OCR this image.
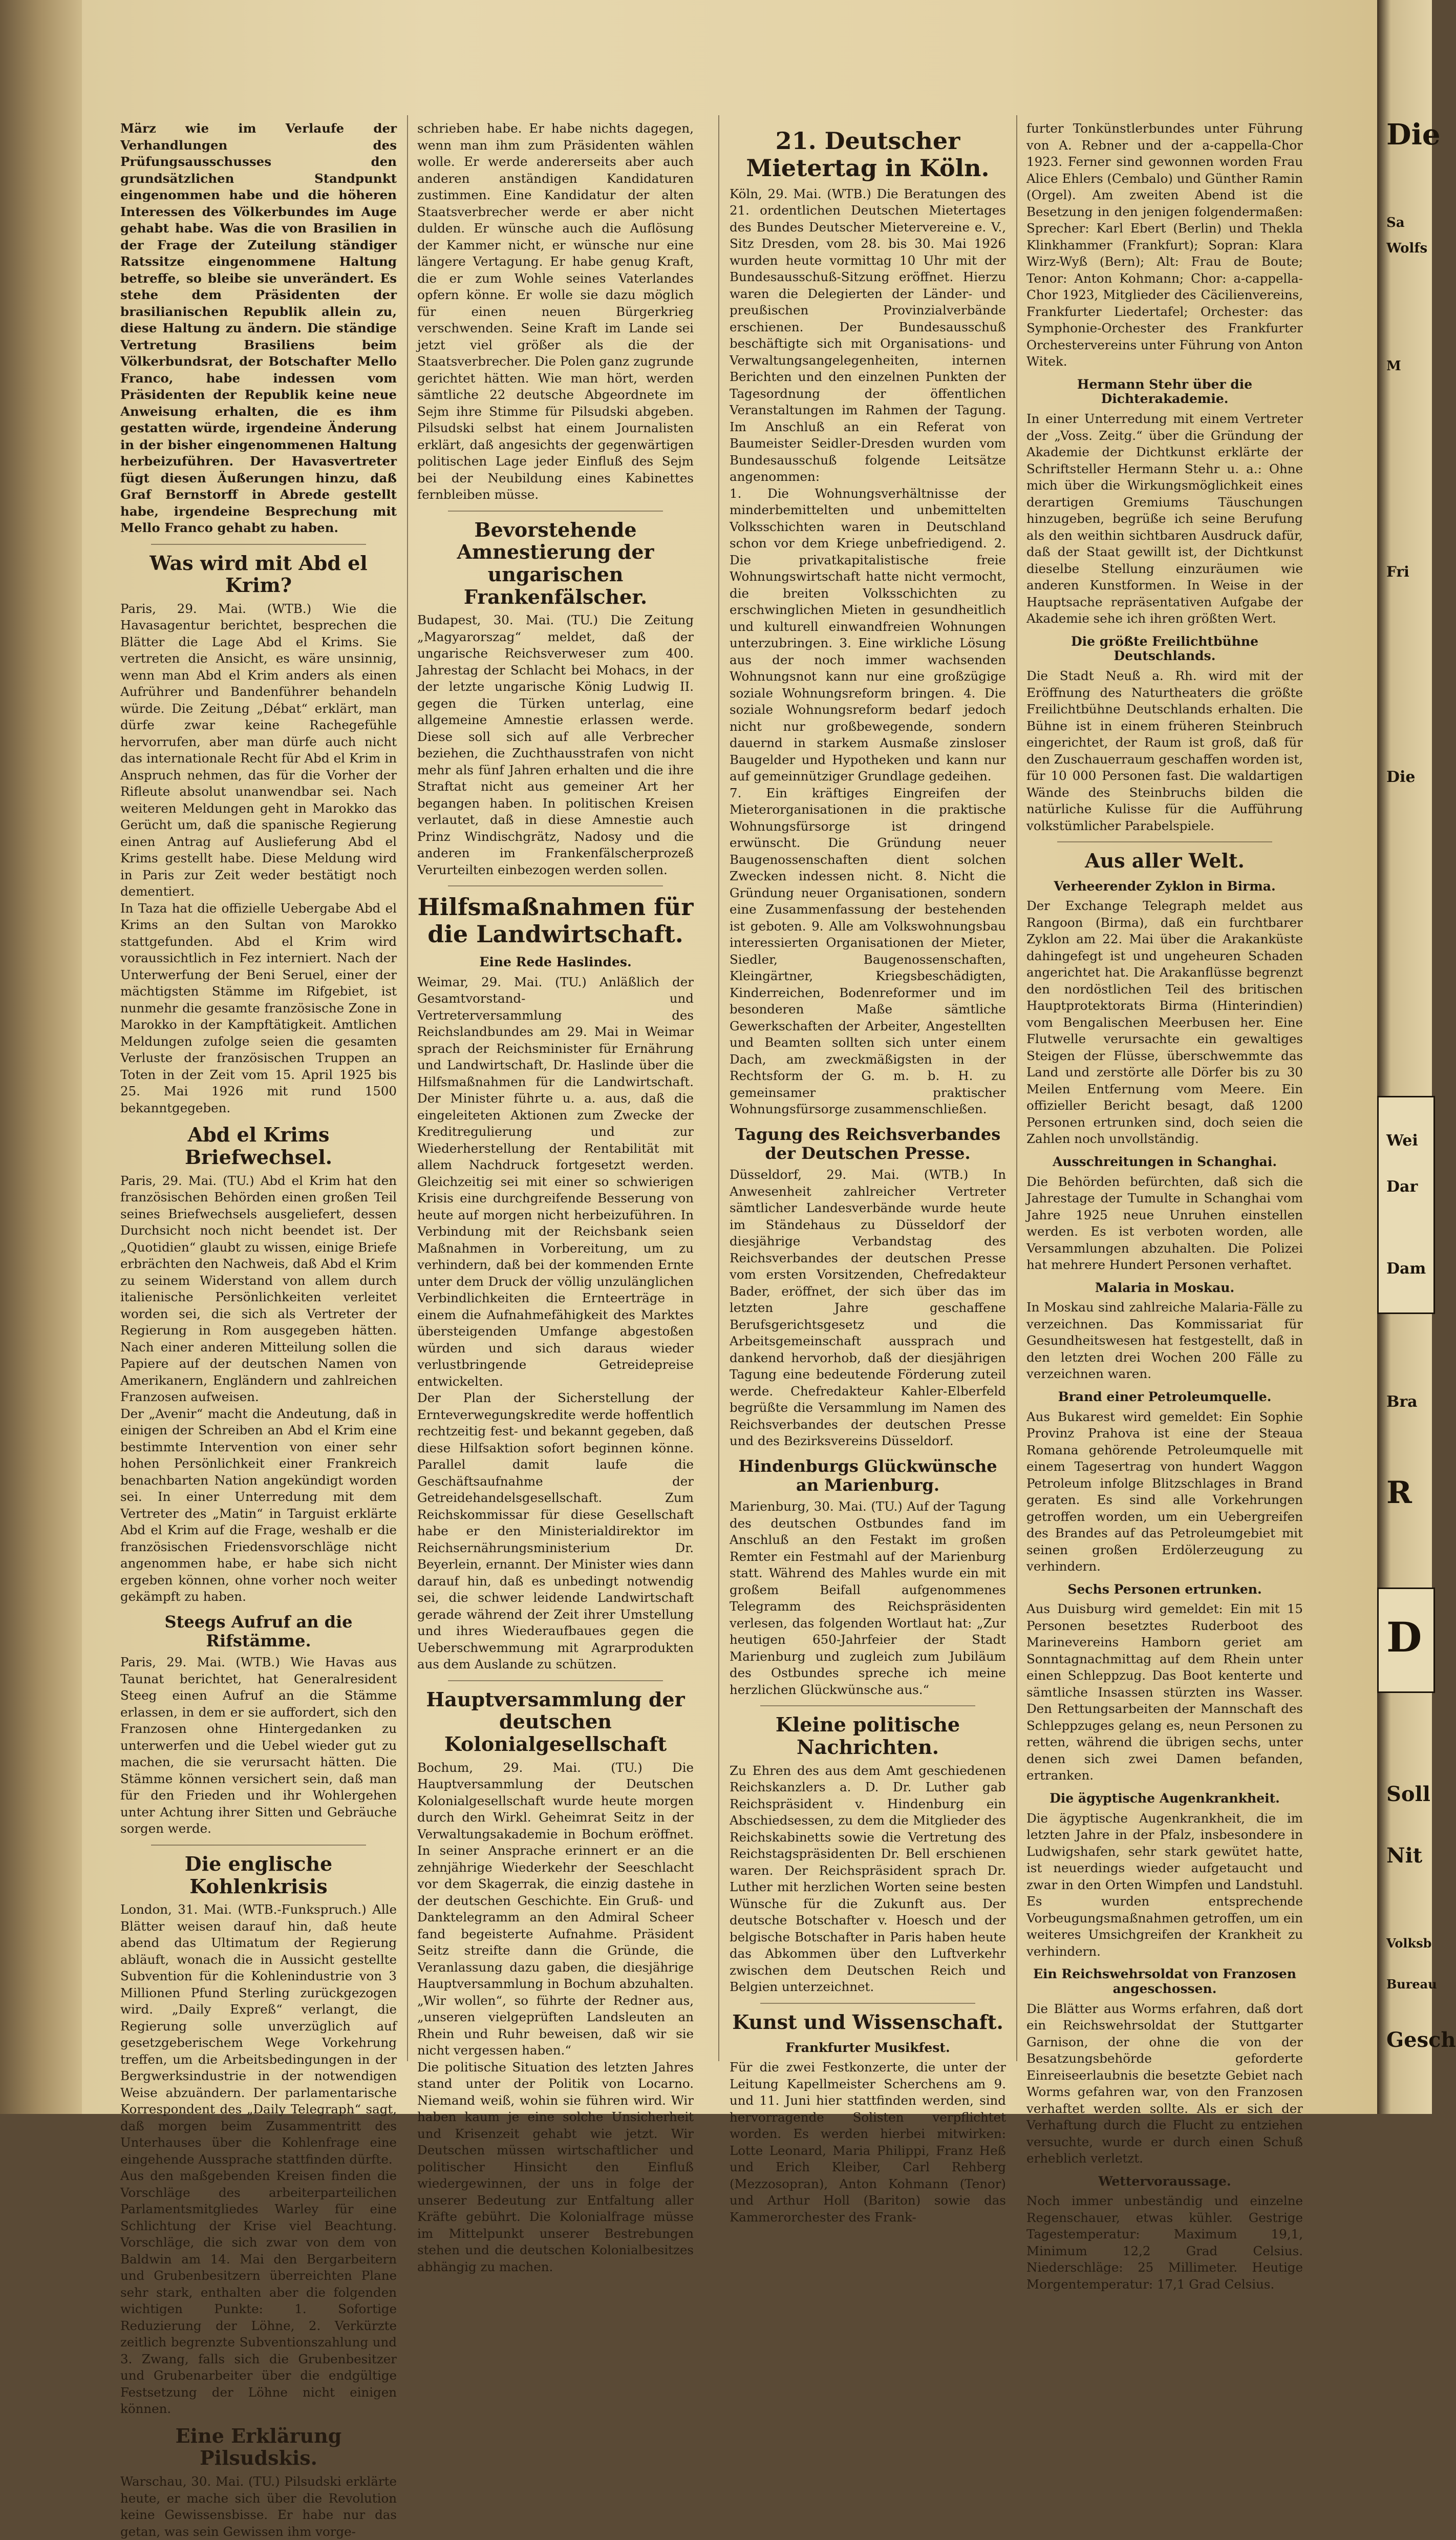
März wie im Verlaufe der Verhandlungen des Prüfungsausschusses den grundsätzlichen Standpunkt eingenommen habe und die höheren Interessen des Völkerbundes im Auge gehabt habe. Was die von Brasilien in der Frage der Zuteilung ständiger Ratssitze eingenommene Haltung betreffe, so bleibe sie unverändert. Es stehe dem Präsidenten der brasilianischen Republik allein zu, diese Haltung zu ändern. Die ständige Vertretung Brasiliens beim Völkerbundsrat, der Botschafter Mello Franco, habe indessen vom Präsidenten der Republik keine neue Anweisung erhalten, die es ihm gestatten würde, irgendeine Änderung in der bisher eingenommenen Haltung herbeizuführen. Der Havasvertreter fügt diesen Äußerungen hinzu, daß Graf Bernstorff in Abrede gestellt habe, irgendeine Besprechung mit Mello Franco gehabt zu haben.

Was wird mit Abd el Krim?

Paris, 29. Mai. (WTB.) Wie die Havasagentur berichtet, besprechen die Blätter die Lage Abd el Krims. Sie vertreten die Ansicht, es wäre unsinnig, wenn man Abd el Krim anders als einen Aufrührer und Bandenführer behandeln würde. Die Zeitung „Débat“ erklärt, man dürfe zwar keine Rachegefühle hervorrufen, aber man dürfe auch nicht das internationale Recht für Abd el Krim in Anspruch nehmen, das für die Vorher der Rifleute absolut unanwendbar sei. Nach weiteren Meldungen geht in Marokko das Gerücht um, daß die spanische Regierung einen Antrag auf Auslieferung Abd el Krims gestellt habe. Diese Meldung wird in Paris zur Zeit weder bestätigt noch dementiert.

In Taza hat die offizielle Uebergabe Abd el Krims an den Sultan von Marokko stattgefunden. Abd el Krim wird voraussichtlich in Fez interniert. Nach der Unterwerfung der Beni Seruel, einer der mächtigsten Stämme im Rifgebiet, ist nunmehr die gesamte französische Zone in Marokko in der Kampftätigkeit. Amtlichen Meldungen zufolge seien die gesamten Verluste der französischen Truppen an Toten in der Zeit vom 15. April 1925 bis 25. Mai 1926 mit rund 1500 bekanntgegeben.

Abd el Krims Briefwechsel.

Paris, 29. Mai. (TU.) Abd el Krim hat den französischen Behörden einen großen Teil seines Briefwechsels ausgeliefert, dessen Durchsicht noch nicht beendet ist. Der „Quotidien“ glaubt zu wissen, einige Briefe erbrächten den Nachweis, daß Abd el Krim zu seinem Widerstand von allem durch italienische Persönlichkeiten verleitet worden sei, die sich als Vertreter der Regierung in Rom ausgegeben hätten. Nach einer anderen Mitteilung sollen die Papiere auf der deutschen Namen von Amerikanern, Engländern und zahlreichen Franzosen aufweisen.

Der „Avenir“ macht die Andeutung, daß in einigen der Schreiben an Abd el Krim eine bestimmte Intervention von einer sehr hohen Persönlichkeit einer Frankreich benachbarten Nation angekündigt worden sei. In einer Unterredung mit dem Vertreter des „Matin“ in Targuist erklärte Abd el Krim auf die Frage, weshalb er die französischen Friedensvorschläge nicht angenommen habe, er habe sich nicht ergeben können, ohne vorher noch weiter gekämpft zu haben.

Steegs Aufruf an die Rifstämme.

Paris, 29. Mai. (WTB.) Wie Havas aus Taunat berichtet, hat Generalresident Steeg einen Aufruf an die Stämme erlassen, in dem er sie auffordert, sich den Franzosen ohne Hintergedanken zu unterwerfen und die Uebel wieder gut zu machen, die sie verursacht hätten. Die Stämme können versichert sein, daß man für den Frieden und ihr Wohlergehen unter Achtung ihrer Sitten und Gebräuche sorgen werde.

Die englische Kohlenkrisis

London, 31. Mai. (WTB.-Funkspruch.) Alle Blätter weisen darauf hin, daß heute abend das Ultimatum der Regierung abläuft, wonach die in Aussicht gestellte Subvention für die Kohlenindustrie von 3 Millionen Pfund Sterling zurückgezogen wird. „Daily Expreß“ verlangt, die Regierung solle unverzüglich auf gesetzgeberischem Wege Vorkehrung treffen, um die Arbeitsbedingungen in der Bergwerksindustrie in der notwendigen Weise abzuändern. Der parlamentarische Korrespondent des „Daily Telegraph“ sagt, daß morgen beim Zusammentritt des Unterhauses über die Kohlenfrage eine eingehende Aussprache stattfinden dürfte.

Aus den maßgebenden Kreisen finden die Vorschläge des arbeiterparteilichen Parlamentsmitgliedes Warley für eine Schlichtung der Krise viel Beachtung. Vorschläge, die sich zwar von dem von Baldwin am 14. Mai den Bergarbeitern und Grubenbesitzern überreichten Plane sehr stark, enthalten aber die folgenden wichtigen Punkte: 1. Sofortige Reduzierung der Löhne, 2. Verkürzte zeitlich begrenzte Subventionszahlung und 3. Zwang, falls sich die Grubenbesitzer und Grubenarbeiter über die endgültige Festsetzung der Löhne nicht einigen können.

Eine Erklärung Pilsudskis.

Warschau, 30. Mai. (TU.) Pilsudski erklärte heute, er mache sich über die Revolution keine Gewissensbisse. Er habe nur das getan, was sein Gewissen ihm vorge-

schrieben habe. Er habe nichts dagegen, wenn man ihm zum Präsidenten wählen wolle. Er werde andererseits aber auch anderen anständigen Kandidaturen zustimmen. Eine Kandidatur der alten Staatsverbrecher werde er aber nicht dulden. Er wünsche auch die Auflösung der Kammer nicht, er wünsche nur eine längere Vertagung. Er habe genug Kraft, die er zum Wohle seines Vaterlandes opfern könne. Er wolle sie dazu möglich für einen neuen Bürgerkrieg verschwenden. Seine Kraft im Lande sei jetzt viel größer als die der Staatsverbrecher. Die Polen ganz zugrunde gerichtet hätten. Wie man hört, werden sämtliche 22 deutsche Abgeordnete im Sejm ihre Stimme für Pilsudski abgeben. Pilsudski selbst hat einem Journalisten erklärt, daß angesichts der gegenwärtigen politischen Lage jeder Einfluß des Sejm bei der Neubildung eines Kabinettes fernbleiben müsse.

Bevorstehende Amnestierung der ungarischen Frankenfälscher.

Budapest, 30. Mai. (TU.) Die Zeitung „Magyarorszag“ meldet, daß der ungarische Reichsverweser zum 400. Jahrestag der Schlacht bei Mohacs, in der der letzte ungarische König Ludwig II. gegen die Türken unterlag, eine allgemeine Amnestie erlassen werde. Diese soll sich auf alle Verbrecher beziehen, die Zuchthausstrafen von nicht mehr als fünf Jahren erhalten und die ihre Straftat nicht aus gemeiner Art her begangen haben. In politischen Kreisen verlautet, daß in diese Amnestie auch Prinz Windischgrätz, Nadosy und die anderen im Frankenfälscherprozeß Verurteilten einbezogen werden sollen.

Hilfsmaßnahmen für die Landwirtschaft.
Eine Rede Haslindes.

Weimar, 29. Mai. (TU.) Anläßlich der Gesamtvorstand- und Vertreterversammlung des Reichslandbundes am 29. Mai in Weimar sprach der Reichsminister für Ernährung und Landwirtschaft, Dr. Haslinde über die Hilfsmaßnahmen für die Landwirtschaft. Der Minister führte u. a. aus, daß die eingeleiteten Aktionen zum Zwecke der Kreditregulierung und zur Wiederherstellung der Rentabilität mit allem Nachdruck fortgesetzt werden. Gleichzeitig sei mit einer so schwierigen Krisis eine durchgreifende Besserung von heute auf morgen nicht herbeizuführen. In Verbindung mit der Reichsbank seien Maßnahmen in Vorbereitung, um zu verhindern, daß bei der kommenden Ernte unter dem Druck der völlig unzulänglichen Verbindlichkeiten die Ernteerträge in einem die Aufnahmefähigkeit des Marktes übersteigenden Umfange abgestoßen würden und sich daraus wieder verlustbringende Getreidepreise entwickelten.

Der Plan der Sicherstellung der Ernteverwegungskredite werde hoffentlich rechtzeitig fest- und bekannt gegeben, daß diese Hilfsaktion sofort beginnen könne. Parallel damit laufe die Geschäftsaufnahme der Getreidehandelsgesellschaft. Zum Reichskommissar für diese Gesellschaft habe er den Ministerialdirektor im Reichsernährungsministerium Dr. Beyerlein, ernannt. Der Minister wies dann darauf hin, daß es unbedingt notwendig sei, die schwer leidende Landwirtschaft gerade während der Zeit ihrer Umstellung und ihres Wiederaufbaues gegen die Ueberschwemmung mit Agrarprodukten aus dem Auslande zu schützen.

Hauptversammlung der deutschen Kolonialgesellschaft

Bochum, 29. Mai. (TU.) Die Hauptversammlung der Deutschen Kolonialgesellschaft wurde heute morgen durch den Wirkl. Geheimrat Seitz in der Verwaltungsakademie in Bochum eröffnet. In seiner Ansprache erinnert er an die zehnjährige Wiederkehr der Seeschlacht vor dem Skagerrak, die einzig dastehe in der deutschen Geschichte. Ein Gruß- und Danktelegramm an den Admiral Scheer fand begeisterte Aufnahme. Präsident Seitz streifte dann die Gründe, die Veranlassung dazu gaben, die diesjährige Hauptversammlung in Bochum abzuhalten. „Wir wollen“, so führte der Redner aus, „unseren vielgeprüften Landsleuten an Rhein und Ruhr beweisen, daß wir sie nicht vergessen haben.“

Die politische Situation des letzten Jahres stand unter der Politik von Locarno. Niemand weiß, wohin sie führen wird. Wir haben kaum je eine solche Unsicherheit und Krisenzeit gehabt wie jetzt. Wir Deutschen müssen wirtschaftlicher und politischer Hinsicht den Einfluß wiedergewinnen, der uns in folge der unserer Bedeutung zur Entfaltung aller Kräfte gebührt. Die Kolonialfrage müsse im Mittelpunkt unserer Bestrebungen stehen und die deutschen Kolonialbesitzes abhängig zu machen.

21. Deutscher Mietertag in Köln.

Köln, 29. Mai. (WTB.) Die Beratungen des 21. ordentlichen Deutschen Mietertages des Bundes Deutscher Mietervereine e. V., Sitz Dresden, vom 28. bis 30. Mai 1926 wurden heute vormittag 10 Uhr mit der Bundesausschuß-Sitzung eröffnet. Hierzu waren die Delegierten der Länder- und preußischen Provinzialverbände erschienen. Der Bundesausschuß beschäftigte sich mit Organisations- und Verwaltungsangelegenheiten, internen Berichten und den einzelnen Punkten der Tagesordnung der öffentlichen Veranstaltungen im Rahmen der Tagung. Im Anschluß an ein Referat von Baumeister Seidler-Dresden wurden vom Bundesausschuß folgende Leitsätze angenommen:

1. Die Wohnungsverhältnisse der minderbemittelten und unbemittelten Volksschichten waren in Deutschland schon vor dem Kriege unbefriedigend. 2. Die privatkapitalistische freie Wohnungswirtschaft hatte nicht vermocht, die breiten Volksschichten zu erschwinglichen Mieten in gesundheitlich und kulturell einwandfreien Wohnungen unterzubringen. 3. Eine wirkliche Lösung aus der noch immer wachsenden Wohnungsnot kann nur eine großzügige soziale Wohnungsreform bringen. 4. Die soziale Wohnungsreform bedarf jedoch nicht nur großbewegende, sondern dauernd in starkem Ausmaße zinsloser Baugelder und Hypotheken und kann nur auf gemeinnütziger Grundlage gedeihen.

7. Ein kräftiges Eingreifen der Mieterorganisationen in die praktische Wohnungsfürsorge ist dringend erwünscht. Die Gründung neuer Baugenossenschaften dient solchen Zwecken indessen nicht. 8. Nicht die Gründung neuer Organisationen, sondern eine Zusammenfassung der bestehenden ist geboten. 9. Alle am Volkswohnungsbau interessierten Organisationen der Mieter, Siedler, Baugenossenschaften, Kleingärtner, Kriegsbeschädigten, Kinderreichen, Bodenreformer und im besonderen Maße sämtliche Gewerkschaften der Arbeiter, Angestellten und Beamten sollten sich unter einem Dach, am zweckmäßigsten in der Rechtsform der G. m. b. H. zu gemeinsamer praktischer Wohnungsfürsorge zusammenschließen.

Tagung des Reichsverbandes der Deutschen Presse.

Düsseldorf, 29. Mai. (WTB.) In Anwesenheit zahlreicher Vertreter sämtlicher Landesverbände wurde heute im Ständehaus zu Düsseldorf der diesjährige Verbandstag des Reichsverbandes der deutschen Presse vom ersten Vorsitzenden, Chefredakteur Bader, eröffnet, der sich über das im letzten Jahre geschaffene Berufsgerichtsgesetz und die Arbeitsgemeinschaft aussprach und dankend hervorhob, daß der diesjährigen Tagung eine bedeutende Förderung zuteil werde. Chefredakteur Kahler-Elberfeld begrüßte die Versammlung im Namen des Reichsverbandes der deutschen Presse und des Bezirksvereins Düsseldorf.

Hindenburgs Glückwünsche an Marienburg.

Marienburg, 30. Mai. (TU.) Auf der Tagung des deutschen Ostbundes fand im Anschluß an den Festakt im großen Remter ein Festmahl auf der Marienburg statt. Während des Mahles wurde ein mit großem Beifall aufgenommenes Telegramm des Reichspräsidenten verlesen, das folgenden Wortlaut hat: „Zur heutigen 650-Jahrfeier der Stadt Marienburg und zugleich zum Jubiläum des Ostbundes spreche ich meine herzlichen Glückwünsche aus.“

Kleine politische Nachrichten.

Zu Ehren des aus dem Amt geschiedenen Reichskanzlers a. D. Dr. Luther gab Reichspräsident v. Hindenburg ein Abschiedsessen, zu dem die Mitglieder des Reichskabinetts sowie die Vertretung des Reichstagspräsidenten Dr. Bell erschienen waren. Der Reichspräsident sprach Dr. Luther mit herzlichen Worten seine besten Wünsche für die Zukunft aus. Der deutsche Botschafter v. Hoesch und der belgische Botschafter in Paris haben heute das Abkommen über den Luftverkehr zwischen dem Deutschen Reich und Belgien unterzeichnet.

Kunst und Wissenschaft.
Frankfurter Musikfest.

Für die zwei Festkonzerte, die unter der Leitung Kapellmeister Scherchens am 9. und 11. Juni hier stattfinden werden, sind hervorragende Solisten verpflichtet worden. Es werden hierbei mitwirken: Lotte Leonard, Maria Philippi, Franz Heß und Erich Kleiber, Carl Rehberg (Mezzosopran), Anton Kohmann (Tenor) und Arthur Holl (Bariton) sowie das Kammerorchester des Frank-

furter Tonkünstlerbundes unter Führung von A. Rebner und der a-cappella-Chor 1923. Ferner sind gewonnen worden Frau Alice Ehlers (Cembalo) und Günther Ramin (Orgel). Am zweiten Abend ist die Besetzung in den jenigen folgendermaßen: Sprecher: Karl Ebert (Berlin) und Thekla Klinkhammer (Frankfurt); Sopran: Klara Wirz-Wyß (Bern); Alt: Frau de Boute; Tenor: Anton Kohmann; Chor: a-cappella-Chor 1923, Mitglieder des Cäcilienvereins, Frankfurter Liedertafel; Orchester: das Symphonie-Orchester des Frankfurter Orchestervereins unter Führung von Anton Witek.

Hermann Stehr über die Dichterakademie.

In einer Unterredung mit einem Vertreter der „Voss. Zeitg.“ über die Gründung der Akademie der Dichtkunst erklärte der Schriftsteller Hermann Stehr u. a.: Ohne mich über die Wirkungsmöglichkeit eines derartigen Gremiums Täuschungen hinzugeben, begrüße ich seine Berufung als den weithin sichtbaren Ausdruck dafür, daß der Staat gewillt ist, der Dichtkunst dieselbe Stellung einzuräumen wie anderen Kunstformen. In Weise in der Hauptsache repräsentativen Aufgabe der Akademie sehe ich ihren größten Wert.

Die größte Freilichtbühne Deutschlands.

Die Stadt Neuß a. Rh. wird mit der Eröffnung des Naturtheaters die größte Freilichtbühne Deutschlands erhalten. Die Bühne ist in einem früheren Steinbruch eingerichtet, der Raum ist groß, daß für den Zuschauerraum geschaffen worden ist, für 10 000 Personen fast. Die waldartigen Wände des Steinbruchs bilden die natürliche Kulisse für die Aufführung volkstümlicher Parabelspiele.

Aus aller Welt.
Verheerender Zyklon in Birma.

Der Exchange Telegraph meldet aus Rangoon (Birma), daß ein furchtbarer Zyklon am 22. Mai über die Arakanküste dahingefegt ist und ungeheuren Schaden angerichtet hat. Die Arakanflüsse begrenzt den nordöstlichen Teil des britischen Hauptprotektorats Birma (Hinterindien) vom Bengalischen Meerbusen her. Eine Flutwelle verursachte ein gewaltiges Steigen der Flüsse, überschwemmte das Land und zerstörte alle Dörfer bis zu 30 Meilen Entfernung vom Meere. Ein offizieller Bericht besagt, daß 1200 Personen ertrunken sind, doch seien die Zahlen noch unvollständig.

Ausschreitungen in Schanghai.

Die Behörden befürchten, daß sich die Jahrestage der Tumulte in Schanghai vom Jahre 1925 neue Unruhen einstellen werden. Es ist verboten worden, alle Versammlungen abzuhalten. Die Polizei hat mehrere Hundert Personen verhaftet.

Malaria in Moskau.

In Moskau sind zahlreiche Malaria-Fälle zu verzeichnen. Das Kommissariat für Gesundheitswesen hat festgestellt, daß in den letzten drei Wochen 200 Fälle zu verzeichnen waren.

Brand einer Petroleumquelle.

Aus Bukarest wird gemeldet: Ein Sophie Provinz Prahova ist eine der Steaua Romana gehörende Petroleumquelle mit einem Tagesertrag von hundert Waggon Petroleum infolge Blitzschlages in Brand geraten. Es sind alle Vorkehrungen getroffen worden, um ein Uebergreifen des Brandes auf das Petroleumgebiet mit seinen großen Erdölerzeugung zu verhindern.

Sechs Personen ertrunken.

Aus Duisburg wird gemeldet: Ein mit 15 Personen besetztes Ruderboot des Marinevereins Hamborn geriet am Sonntagnachmittag auf dem Rhein unter einen Schleppzug. Das Boot kenterte und sämtliche Insassen stürzten ins Wasser. Den Rettungsarbeiten der Mannschaft des Schleppzuges gelang es, neun Personen zu retten, während die übrigen sechs, unter denen sich zwei Damen befanden, ertranken.

Die ägyptische Augenkrankheit.

Die ägyptische Augenkrankheit, die im letzten Jahre in der Pfalz, insbesondere in Ludwigshafen, sehr stark gewütet hatte, ist neuerdings wieder aufgetaucht und zwar in den Orten Wimpfen und Landstuhl. Es wurden entsprechende Vorbeugungsmaßnahmen getroffen, um ein weiteres Umsichgreifen der Krankheit zu verhindern.

Ein Reichswehrsoldat von Franzosen angeschossen.

Die Blätter aus Worms erfahren, daß dort ein Reichswehrsoldat der Stuttgarter Garnison, der ohne die von der Besatzungsbehörde geforderte Einreiseerlaubnis die besetzte Gebiet nach Worms gefahren war, von den Franzosen verhaftet werden sollte. Als er sich der Verhaftung durch die Flucht zu entziehen versuchte, wurde er durch einen Schuß erheblich verletzt.

Wettervoraussage.

Noch immer unbeständig und einzelne Regenschauer, etwas kühler. Gestrige Tagestemperatur: Maximum 19,1, Minimum 12,2 Grad Celsius. Niederschläge: 25 Millimeter. Heutige Morgentemperatur: 17,1 Grad Celsius.

Die
Sa
Wolfs
M
Fri
Die
Wei
Dar
Dam
Bra
R
D
Soll
Nit
Volksb
Bureau
Gesch
